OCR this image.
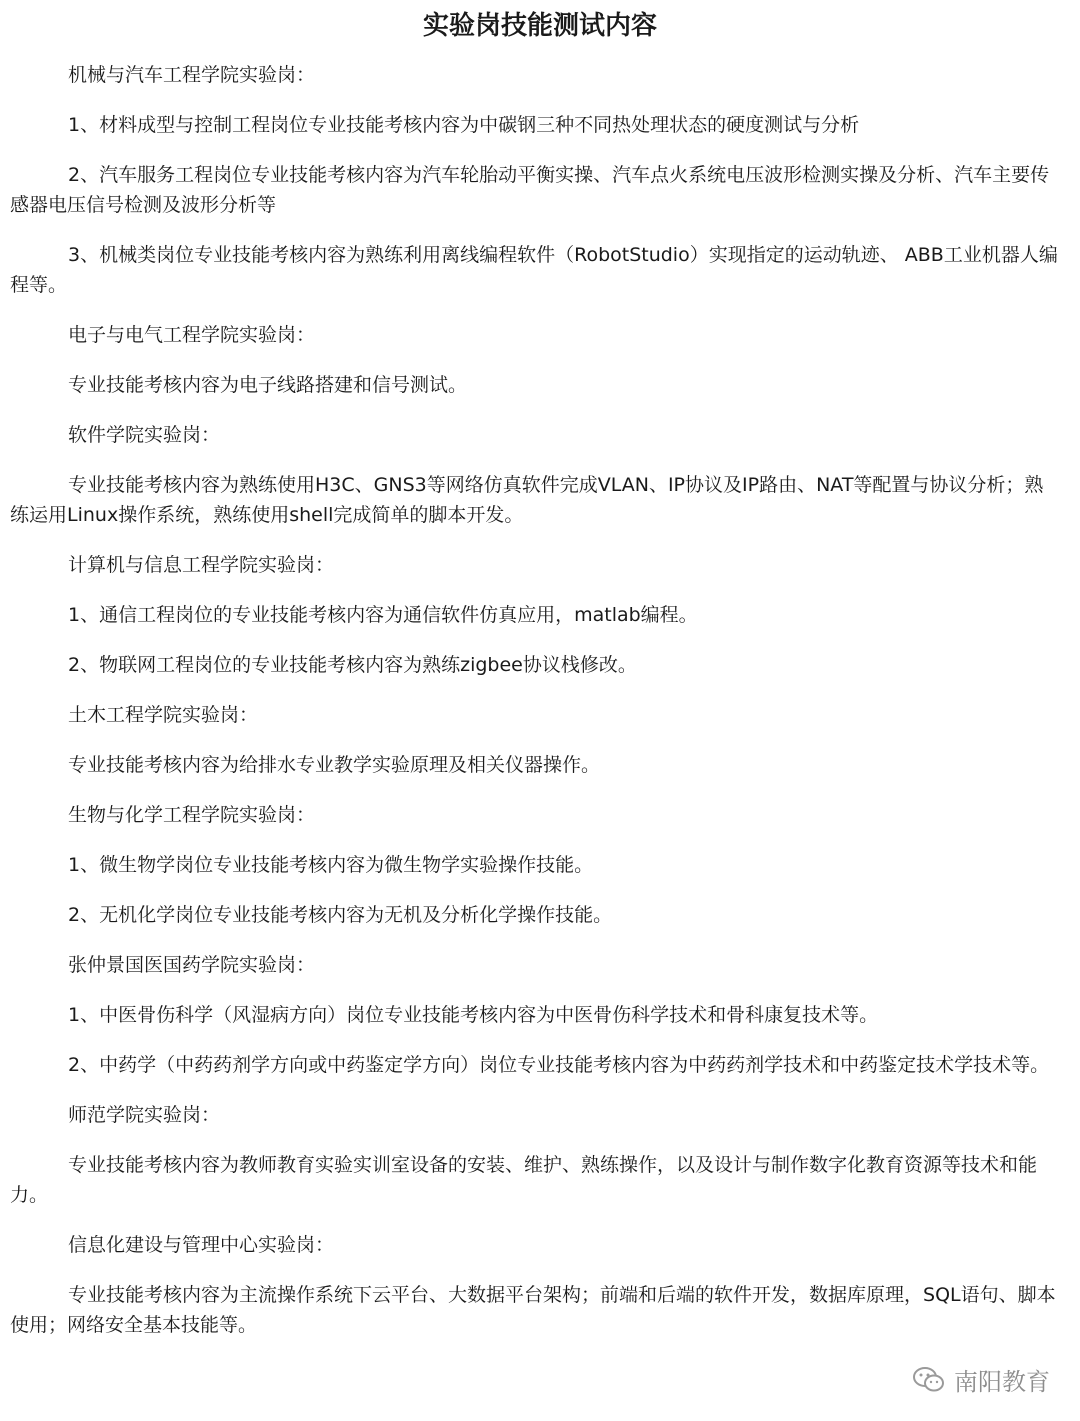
实验岗技能测试内容

机械与汽车工程学院实验岗：

1、材料成型与控制工程岗位专业技能考核内容为中碳钢三种不同热处理状态的硬度测试与分析

2、汽车服务工程岗位专业技能考核内容为汽车轮胎动平衡实操、汽车点火系统电压波形检测实操及分析、汽车主要传感器电压信号检测及波形分析等

3、机械类岗位专业技能考核内容为熟练利用离线编程软件（RobotStudio）实现指定的运动轨迹、 ABB工业机器人编程等。

电子与电气工程学院实验岗：

专业技能考核内容为电子线路搭建和信号测试。

软件学院实验岗：

专业技能考核内容为熟练使用H3C、GNS3等网络仿真软件完成VLAN、IP协议及IP路由、NAT等配置与协议分析；熟练运用Linux操作系统，熟练使用shell完成简单的脚本开发。

计算机与信息工程学院实验岗：

1、通信工程岗位的专业技能考核内容为通信软件仿真应用，matlab编程。

2、物联网工程岗位的专业技能考核内容为熟练zigbee协议栈修改。

土木工程学院实验岗：

专业技能考核内容为给排水专业教学实验原理及相关仪器操作。

生物与化学工程学院实验岗：

1、微生物学岗位专业技能考核内容为微生物学实验操作技能。

2、无机化学岗位专业技能考核内容为无机及分析化学操作技能。

张仲景国医国药学院实验岗：

1、中医骨伤科学（风湿病方向）岗位专业技能考核内容为中医骨伤科学技术和骨科康复技术等。

2、中药学（中药药剂学方向或中药鉴定学方向）岗位专业技能考核内容为中药药剂学技术和中药鉴定技术学技术等。

师范学院实验岗：

专业技能考核内容为教师教育实验实训室设备的安装、维护、熟练操作，以及设计与制作数字化教育资源等技术和能力。

信息化建设与管理中心实验岗：

专业技能考核内容为主流操作系统下云平台、大数据平台架构；前端和后端的软件开发，数据库原理，SQL语句、脚本使用；网络安全基本技能等。

南阳教育
